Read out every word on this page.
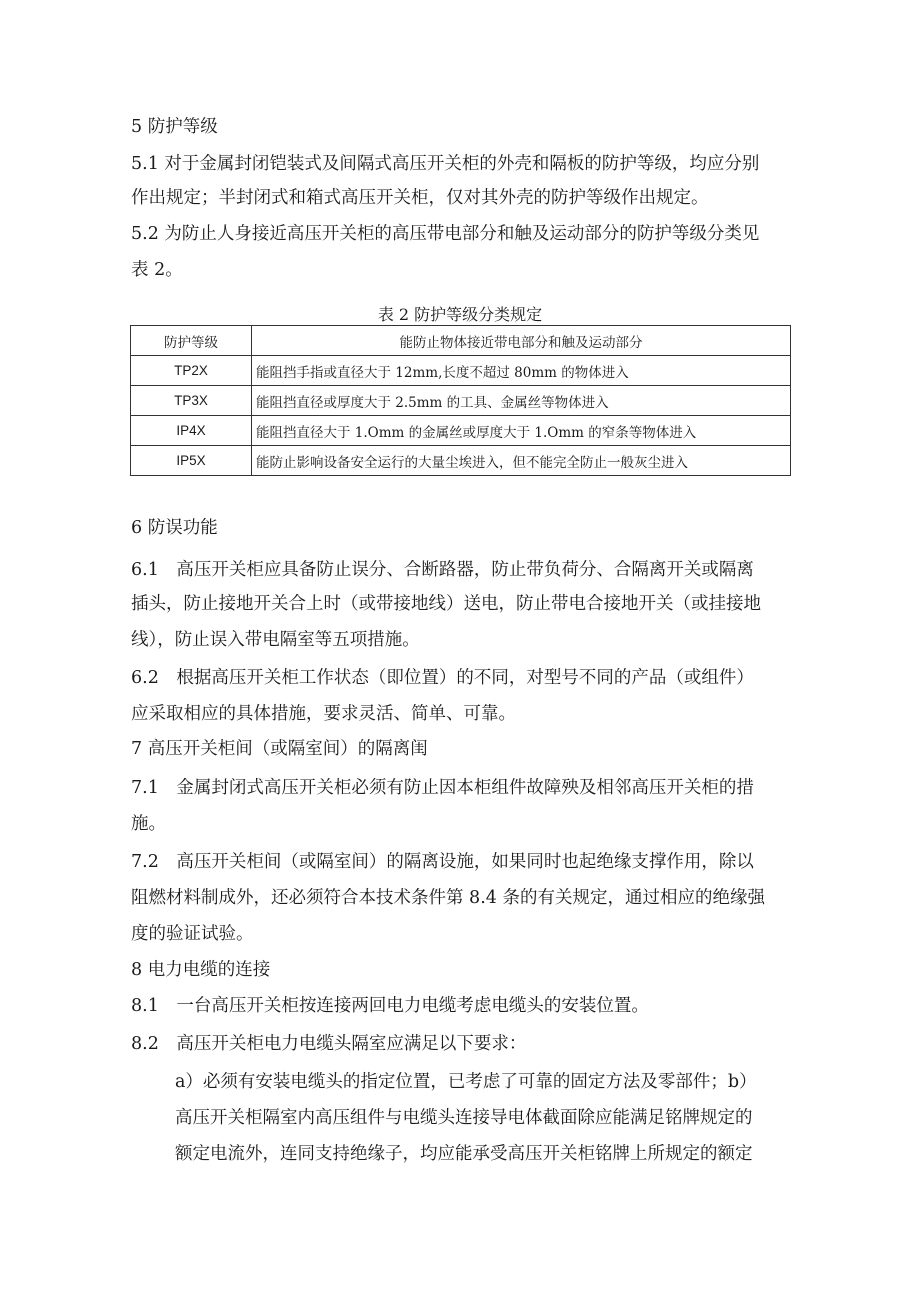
5 防护等级
5.1 对于金属封闭铠装式及间隔式高压开关柜的外壳和隔板的防护等级，均应分别
作出规定；半封闭式和箱式高压开关柜，仅对其外壳的防护等级作出规定。
5.2 为防止人身接近高压开关柜的高压带电部分和触及运动部分的防护等级分类见
表 2。
表 2 防护等级分类规定
防护等级	能防止物体接近带电部分和触及运动部分
TP2X	能阻挡手指或直径大于 12mm,长度不超过 80mm 的物体进入
TP3X	能阻挡直径或厚度大于 2.5mm 的工具、金属丝等物体进入
IP4X	能阻挡直径大于 1.Omm 的金属丝或厚度大于 1.Omm 的窄条等物体进入
IP5X	能防止影响设备安全运行的大量尘埃进入，但不能完全防止一般灰尘进入
6 防误功能
6.1　高压开关柜应具备防止误分、合断路器，防止带负荷分、合隔离开关或隔离
插头，防止接地开关合上时（或带接地线）送电，防止带电合接地开关（或挂接地
线），防止误入带电隔室等五项措施。
6.2　根据高压开关柜工作状态（即位置）的不同，对型号不同的产品（或组件）
应采取相应的具体措施，要求灵活、简单、可靠。
7 高压开关柜间（或隔室间）的隔离闺
7.1　金属封闭式高压开关柜必须有防止因本柜组件故障殃及相邻高压开关柜的措
施。
7.2　高压开关柜间（或隔室间）的隔离设施，如果同时也起绝缘支撑作用，除以
阻燃材料制成外，还必须符合本技术条件第 8.4 条的有关规定，通过相应的绝缘强
度的验证试验。
8 电力电缆的连接
8.1　一台高压开关柜按连接两回电力电缆考虑电缆头的安装位置。
8.2　高压开关柜电力电缆头隔室应满足以下要求：
a）必须有安装电缆头的指定位置，已考虑了可靠的固定方法及零部件；b）
高压开关柜隔室内高压组件与电缆头连接导电体截面除应能满足铭牌规定的
额定电流外，连同支持绝缘子，均应能承受高压开关柜铭牌上所规定的额定
